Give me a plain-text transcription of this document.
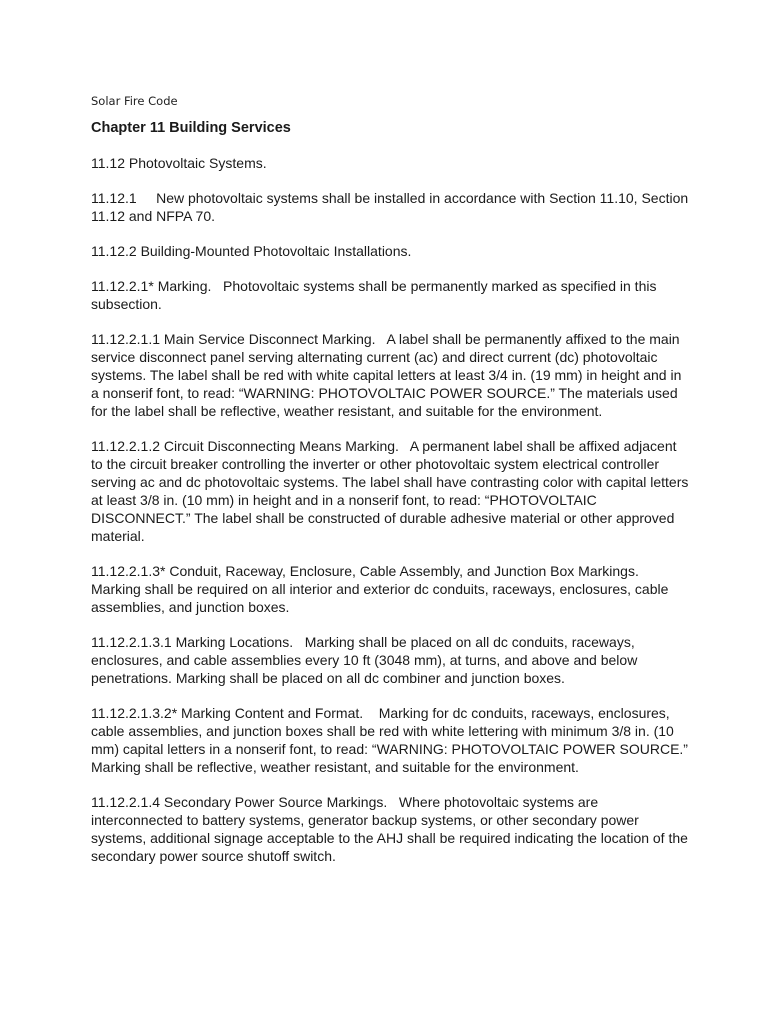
Solar Fire Code
Chapter 11 Building Services

11.12 Photovoltaic Systems.

11.12.1 New photovoltaic systems shall be installed in accordance with Section 11.10, Section 11.12 and NFPA 70.

11.12.2 Building-Mounted Photovoltaic Installations.

11.12.2.1* Marking.   Photovoltaic systems shall be permanently marked as specified in this subsection.

11.12.2.1.1 Main Service Disconnect Marking.   A label shall be permanently affixed to the main service disconnect panel serving alternating current (ac) and direct current (dc) photovoltaic systems. The label shall be red with white capital letters at least 3/4 in. (19 mm) in height and in a nonserif font, to read: “WARNING: PHOTOVOLTAIC POWER SOURCE.” The materials used for the label shall be reflective, weather resistant, and suitable for the environment.

11.12.2.1.2 Circuit Disconnecting Means Marking.   A permanent label shall be affixed adjacent to the circuit breaker controlling the inverter or other photovoltaic system electrical controller serving ac and dc photovoltaic systems. The label shall have contrasting color with capital letters at least 3/8 in. (10 mm) in height and in a nonserif font, to read: “PHOTOVOLTAIC DISCONNECT.” The label shall be constructed of durable adhesive material or other approved material.

11.12.2.1.3* Conduit, Raceway, Enclosure, Cable Assembly, and Junction Box Markings.   Marking shall be required on all interior and exterior dc conduits, raceways, enclosures, cable assemblies, and junction boxes.

11.12.2.1.3.1 Marking Locations.   Marking shall be placed on all dc conduits, raceways, enclosures, and cable assemblies every 10 ft (3048 mm), at turns, and above and below penetrations. Marking shall be placed on all dc combiner and junction boxes.

11.12.2.1.3.2* Marking Content and Format.    Marking for dc conduits, raceways, enclosures, cable assemblies, and junction boxes shall be red with white lettering with minimum 3/8 in. (10 mm) capital letters in a nonserif font, to read: “WARNING: PHOTOVOLTAIC POWER SOURCE.” Marking shall be reflective, weather resistant, and suitable for the environment.

11.12.2.1.4 Secondary Power Source Markings.   Where photovoltaic systems are interconnected to battery systems, generator backup systems, or other secondary power systems, additional signage acceptable to the AHJ shall be required indicating the location of the secondary power source shutoff switch.
